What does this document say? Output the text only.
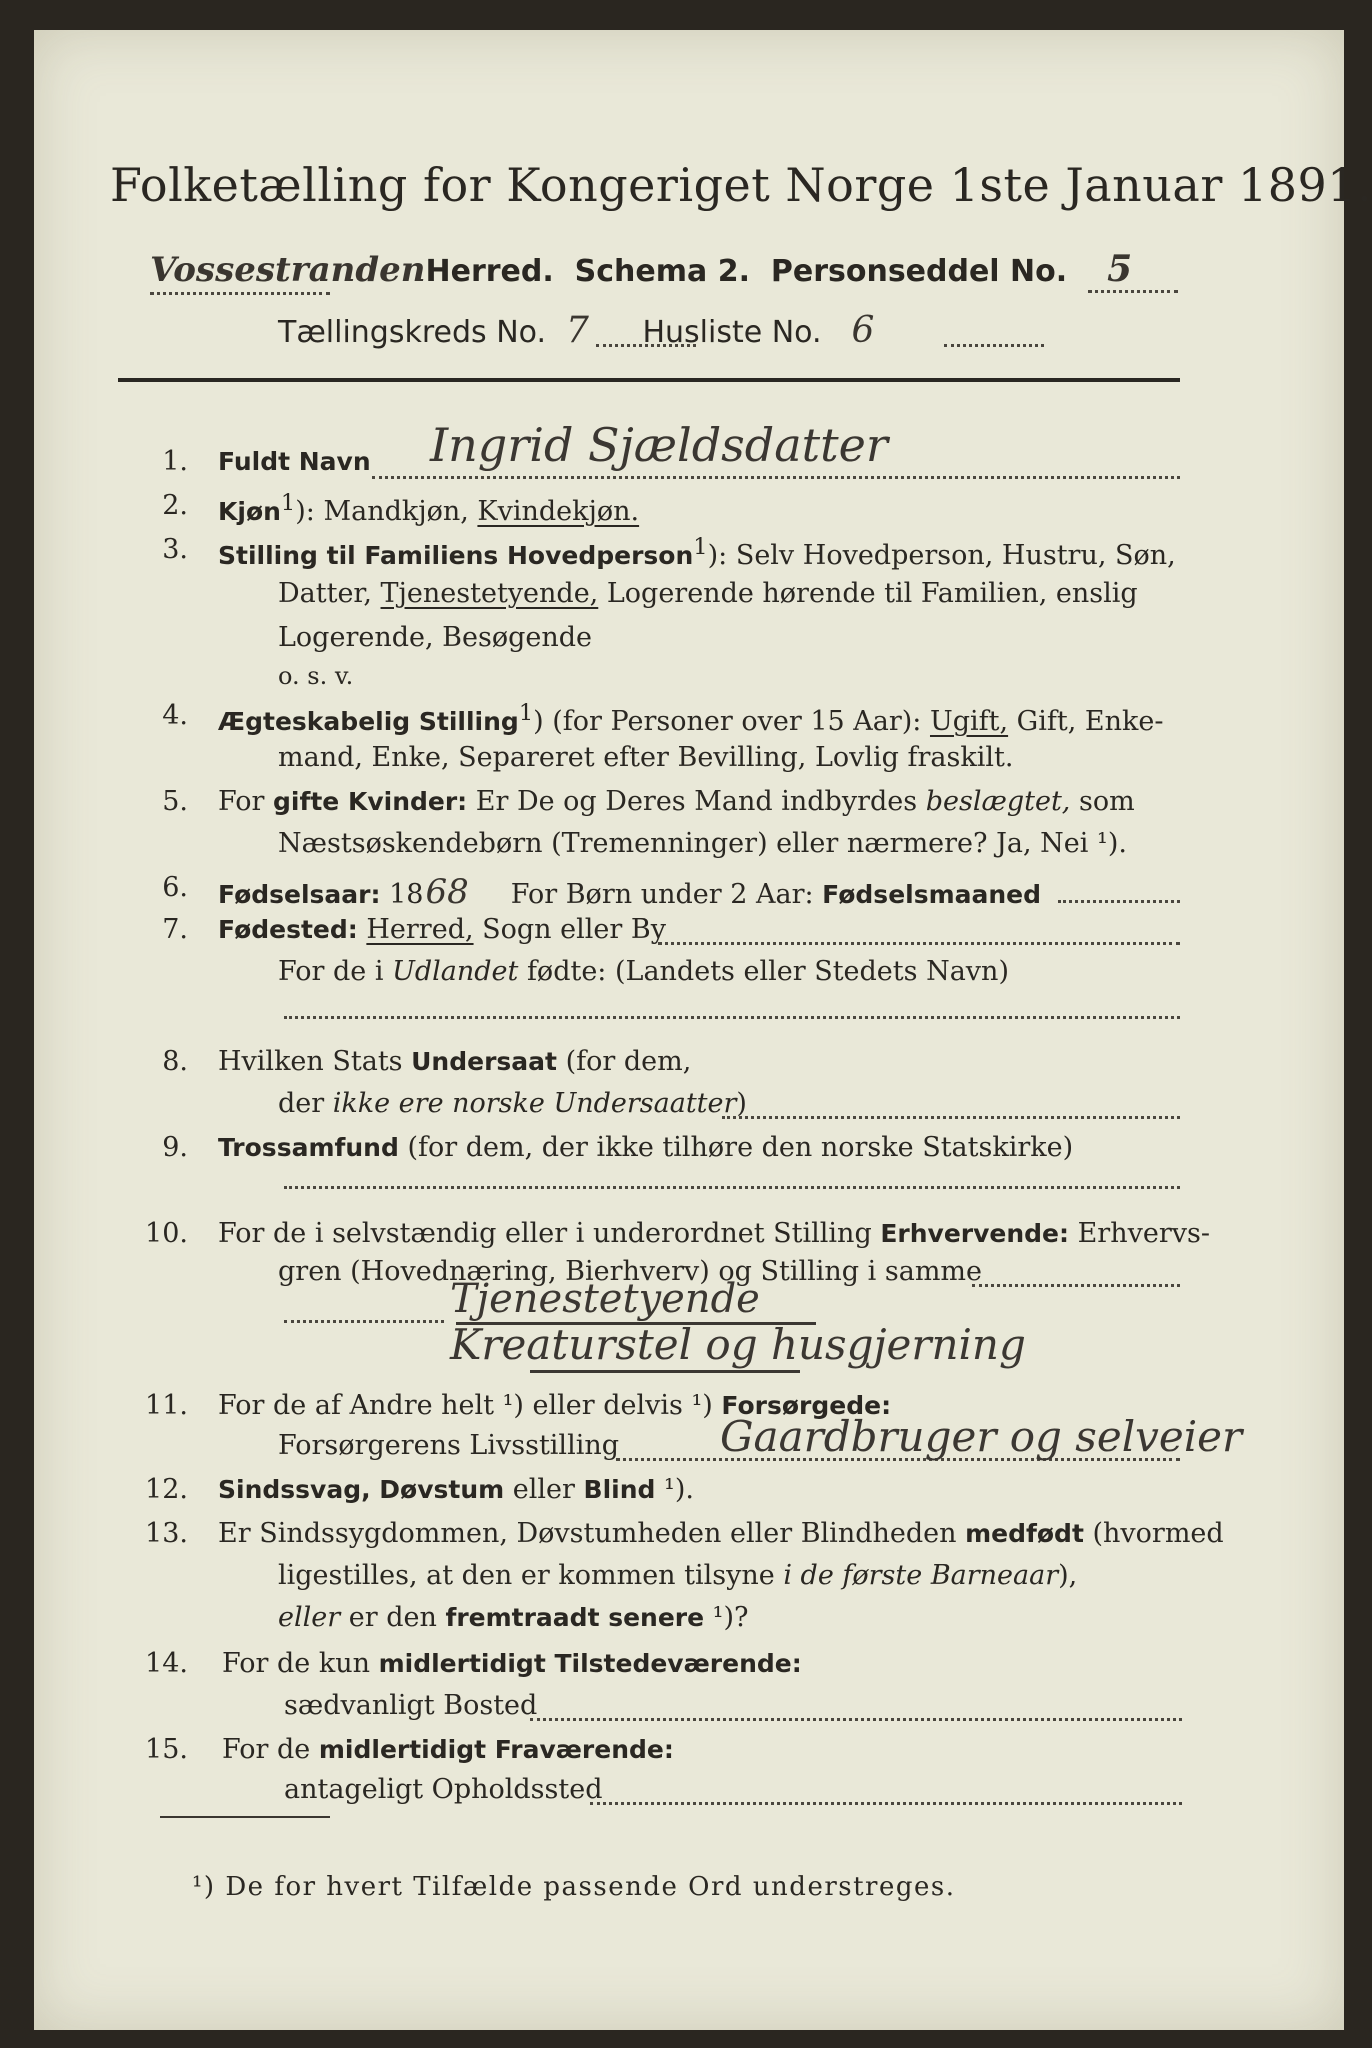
Folketælling for Kongeriget Norge 1ste Januar 1891.
VossestrandenHerred. Schema 2. Personseddel No. 5
Tællingskreds No. 7 Husliste No. 6
1. Fuldt Navn Ingrid Sjældsdatter
2. Kjøn$^1$): Mandkjøn, Kvindekjøn.
3. Stilling til Familiens Hovedperson$^1$): Selv Hovedperson, Hustru, Søn,
Datter, Tjenestetyende, Logerende hørende til Familien, enslig
Logerende, Besøgende
o. s. v.
4. Ægteskabelig Stilling$^1$) (for Personer over 15 Aar): Ugift, Gift, Enke-
mand, Enke, Separeret efter Bevilling, Lovlig fraskilt.
5. For gifte Kvinder: Er De og Deres Mand indbyrdes beslægtet, som
Næstsøskendebørn (Tremenninger) eller nærmere? Ja, Nei ¹).
6. Fødselsaar: 1868 For Børn under 2 Aar: Fødselsmaaned
7. Fødested: Herred, Sogn eller By
For de i Udlandet fødte: (Landets eller Stedets Navn)
8. Hvilken Stats Undersaat (for dem,
der ikke ere norske Undersaatter)
9. Trossamfund (for dem, der ikke tilhøre den norske Statskirke)
10. For de i selvstændig eller i underordnet Stilling Erhvervende: Erhvervs-
gren (Hovednæring, Bierhverv) og Stilling i samme
Tjenestetyende
Kreaturstel og husgjerning
11. For de af Andre helt ¹) eller delvis ¹) Forsørgede:
Forsørgerens Livsstilling Gaardbruger og selveier
12. Sindssvag, Døvstum eller Blind ¹).
13. Er Sindssygdommen, Døvstumheden eller Blindheden medfødt (hvormed
ligestilles, at den er kommen tilsyne i de første Barneaar),
eller er den fremtraadt senere ¹)?
14. For de kun midlertidigt Tilstedeværende:
sædvanligt Bosted
15. For de midlertidigt Fraværende:
antageligt Opholdssted
¹) De for hvert Tilfælde passende Ord understreges.
